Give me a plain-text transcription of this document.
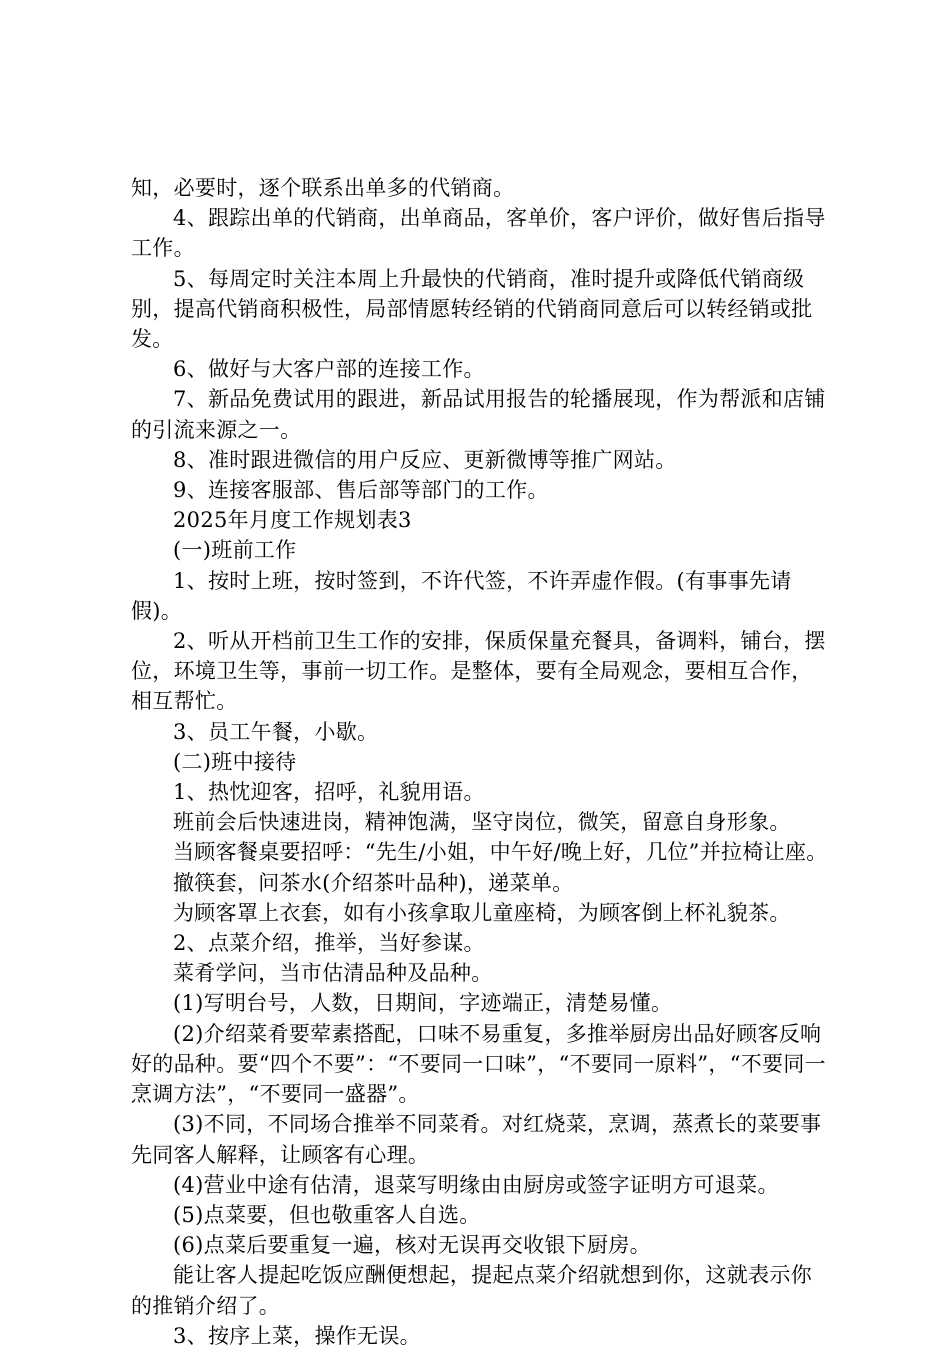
知，必要时，逐个联系出单多的代销商。

4、跟踪出单的代销商，出单商品，客单价，客户评价，做好售后指导工作。

5、每周定时关注本周上升最快的代销商，准时提升或降低代销商级别，提高代销商积极性，局部情愿转经销的代销商同意后可以转经销或批发。

6、做好与大客户部的连接工作。

7、新品免费试用的跟进，新品试用报告的轮播展现，作为帮派和店铺的引流来源之一。

8、准时跟进微信的用户反应、更新微博等推广网站。

9、连接客服部、售后部等部门的工作。

2025年月度工作规划表3

(一)班前工作

1、按时上班，按时签到，不许代签，不许弄虚作假。(有事事先请假)。

2、听从开档前卫生工作的安排，保质保量充餐具，备调料，铺台，摆位，环境卫生等，事前一切工作。是整体，要有全局观念，要相互合作，相互帮忙。

3、员工午餐，小歇。

(二)班中接待

1、热忱迎客，招呼，礼貌用语。

班前会后快速进岗，精神饱满，坚守岗位，微笑，留意自身形象。

当顾客餐桌要招呼：“先生/小姐，中午好/晚上好，几位”并拉椅让座。

撤筷套，问茶水(介绍茶叶品种)，递菜单。

为顾客罩上衣套，如有小孩拿取儿童座椅，为顾客倒上杯礼貌茶。

2、点菜介绍，推举，当好参谋。

菜肴学问，当市估清品种及品种。

(1)写明台号，人数，日期间，字迹端正，清楚易懂。

(2)介绍菜肴要荤素搭配，口味不易重复，多推举厨房出品好顾客反响好的品种。要“四个不要”：“不要同一口味”，“不要同一原料”，“不要同一烹调方法”，“不要同一盛器”。

(3)不同，不同场合推举不同菜肴。对红烧菜，烹调，蒸煮长的菜要事先同客人解释，让顾客有心理。

(4)营业中途有估清，退菜写明缘由由厨房或签字证明方可退菜。

(5)点菜要，但也敬重客人自选。

(6)点菜后要重复一遍，核对无误再交收银下厨房。

能让客人提起吃饭应酬便想起，提起点菜介绍就想到你，这就表示你的推销介绍了。

3、按序上菜，操作无误。
